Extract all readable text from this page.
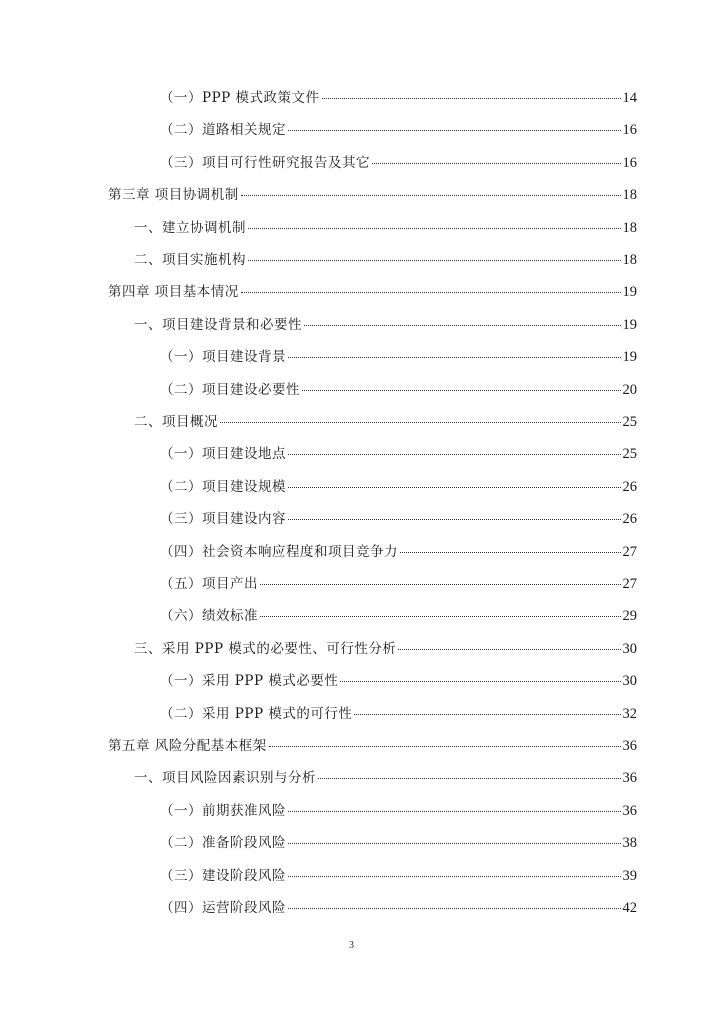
（一）PPP 模式政策文件	14
（二）道路相关规定	16
（三）项目可行性研究报告及其它	16
第三章 项目协调机制	18
一、建立协调机制	18
二、项目实施机构	18
第四章 项目基本情况	19
一、项目建设背景和必要性	19
（一）项目建设背景	19
（二）项目建设必要性	20
二、项目概况	25
（一）项目建设地点	25
（二）项目建设规模	26
（三）项目建设内容	26
（四）社会资本响应程度和项目竞争力	27
（五）项目产出	27
（六）绩效标准	29
三、采用 PPP 模式的必要性、可行性分析	30
（一）采用 PPP 模式必要性	30
（二）采用 PPP 模式的可行性	32
第五章 风险分配基本框架	36
一、项目风险因素识别与分析	36
（一）前期获准风险	36
（二）准备阶段风险	38
（三）建设阶段风险	39
（四）运营阶段风险	42
3
